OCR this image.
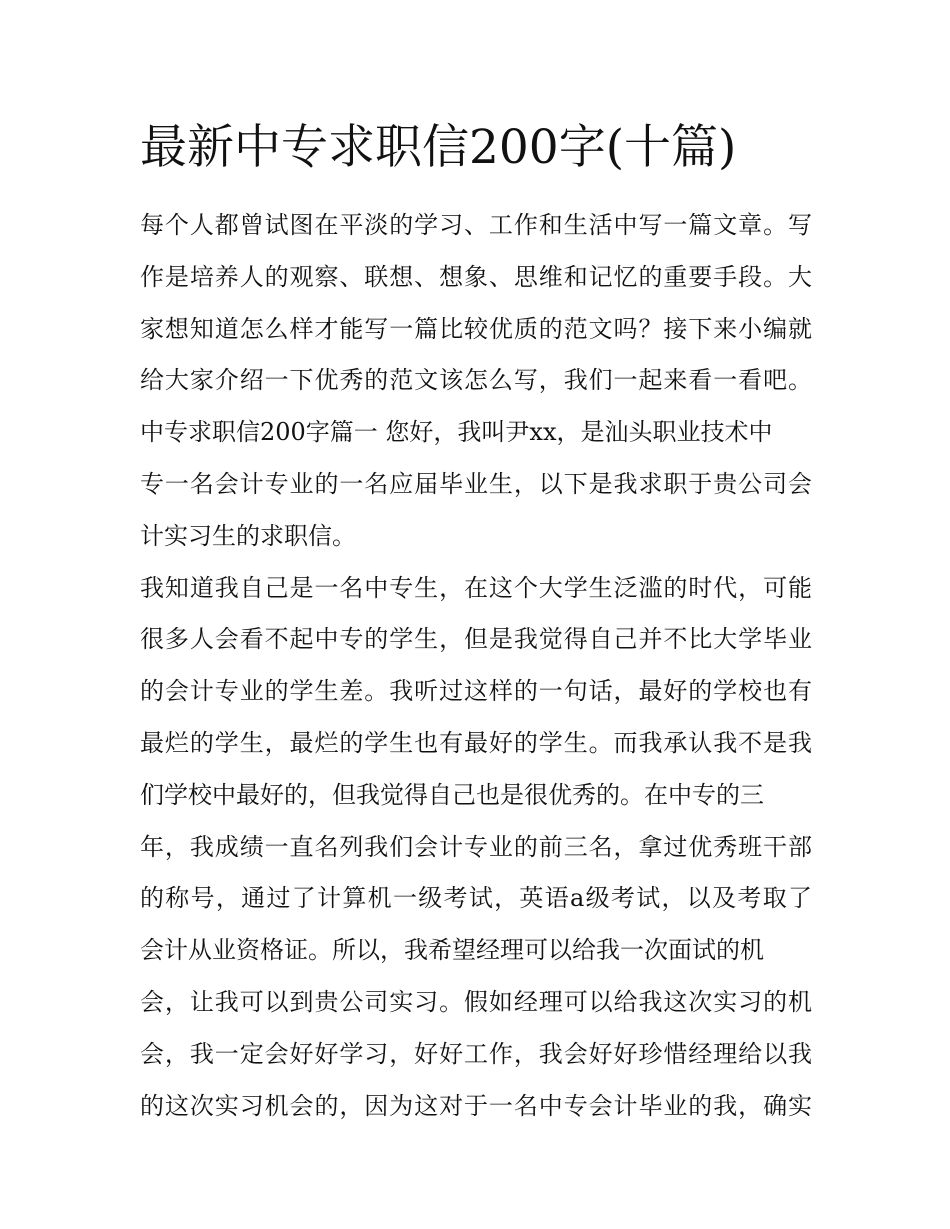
最新中专求职信200字(十篇)
每个人都曾试图在平淡的学习、工作和生活中写一篇文章。写
作是培养人的观察、联想、想象、思维和记忆的重要手段。大
家想知道怎么样才能写一篇比较优质的范文吗？接下来小编就
给大家介绍一下优秀的范文该怎么写，我们一起来看一看吧。
中专求职信200字篇一 您好，我叫尹xx，是汕头职业技术中
专一名会计专业的一名应届毕业生，以下是我求职于贵公司会
计实习生的求职信。
我知道我自己是一名中专生，在这个大学生泛滥的时代，可能
很多人会看不起中专的学生，但是我觉得自己并不比大学毕业
的会计专业的学生差。我听过这样的一句话，最好的学校也有
最烂的学生，最烂的学生也有最好的学生。而我承认我不是我
们学校中最好的，但我觉得自己也是很优秀的。在中专的三
年，我成绩一直名列我们会计专业的前三名，拿过优秀班干部
的称号，通过了计算机一级考试，英语a级考试，以及考取了
会计从业资格证。所以，我希望经理可以给我一次面试的机
会，让我可以到贵公司实习。假如经理可以给我这次实习的机
会，我一定会好好学习，好好工作，我会好好珍惜经理给以我
的这次实习机会的，因为这对于一名中专会计毕业的我，确实
